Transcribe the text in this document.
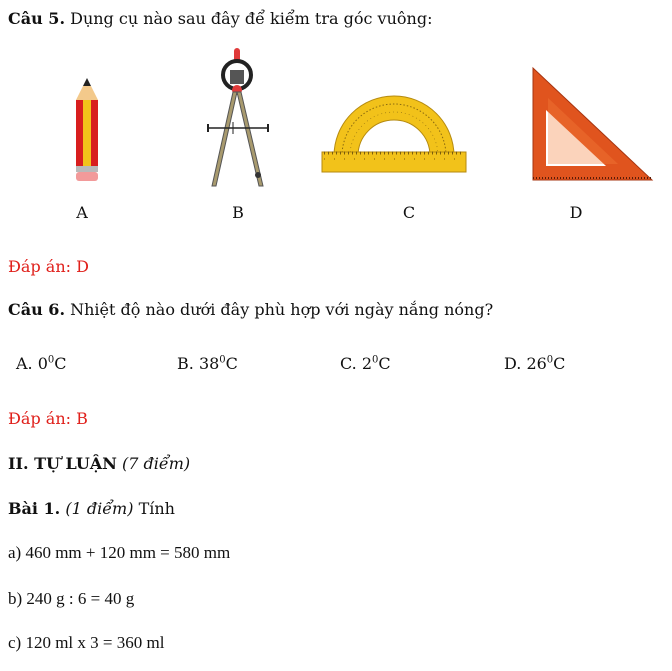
Câu 5. Dụng cụ nào sau đây để kiểm tra góc vuông:
A	B	C	D
Đáp án: D
Câu 6. Nhiệt độ nào dưới đây phù hợp với ngày nắng nóng?
A. $0^0C$	B. $38^0C$	C. $2^0C$	D. $26^0C$
Đáp án: B
II. TỰ LUẬN (7 điểm)
Bài 1. (1 điểm) Tính
a) 460 mm + 120 mm = 580 mm
b) 240 g : 6 = 40 g
c) 120 ml x 3 = 360 ml
